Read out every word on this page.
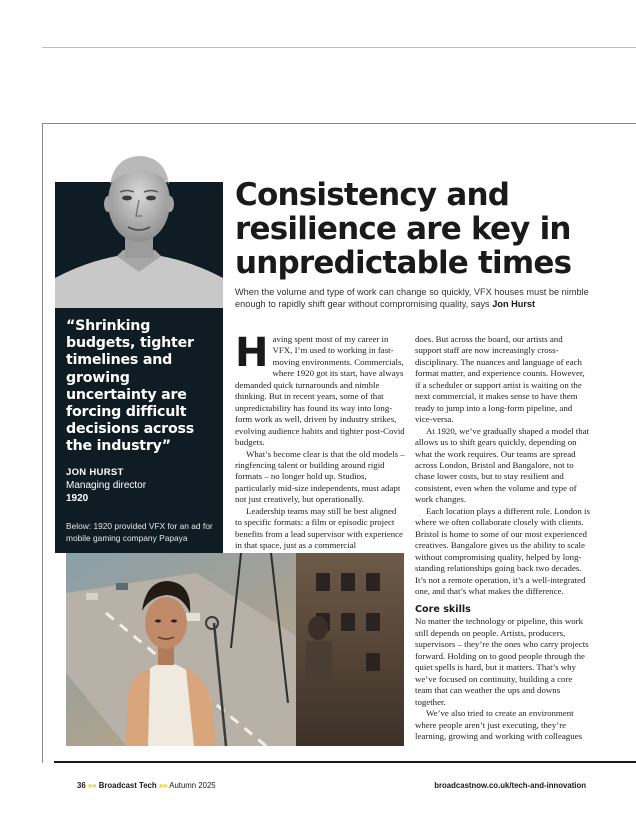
“Shrinking budgets, tighter timelines and growing uncertainty are forcing difficult decisions across the industry”
JON HURST
Managing director
1920
Below: 1920 provided VFX for an ad for mobile gaming company Papaya
Consistency and resilience are key in unpredictable times

When the volume and type of work can change so quickly, VFX houses must be nimble enough to rapidly shift gear without compromising quality, says Jon Hurst

Having spent most of my career in VFX, I’m used to working in fast-moving environments. Commercials, where 1920 got its start, have always demanded quick turnarounds and nimble thinking. But in recent years, some of that unpredictability has found its way into long-form work as well, driven by industry strikes, evolving audience habits and tighter post-Covid budgets.

What’s become clear is that the old models – ringfencing talent or building around rigid formats – no longer hold up. Studios, particularly mid-size independents, must adapt not just creatively, but operationally.

Leadership teams may still be best aligned to specific formats: a film or episodic project benefits from a lead supervisor with experience in that space, just as a commercial

does. But across the board, our artists and support staff are now increasingly cross-disciplinary. The nuances and language of each format matter, and experience counts. However, if a scheduler or support artist is waiting on the next commercial, it makes sense to have them ready to jump into a long-form pipeline, and vice-versa.

At 1920, we’ve gradually shaped a model that allows us to shift gears quickly, depending on what the work requires. Our teams are spread across London, Bristol and Bangalore, not to chase lower costs, but to stay resilient and consistent, even when the volume and type of work changes.

Each location plays a different role. London is where we often collaborate closely with clients. Bristol is home to some of our most experienced creatives. Bangalore gives us the ability to scale without compromising quality, helped by long-standing relationships going back two decades. It’s not a remote operation, it’s a well-integrated one, and that’s what makes the difference.

Core skills

No matter the technology or pipeline, this work still depends on people. Artists, producers, supervisors – they’re the ones who carry projects forward. Holding on to good people through the quiet spells is hard, but it matters. That’s why we’ve focused on continuity, building a core team that can weather the ups and downs together.

We’ve also tried to create an environment where people aren’t just executing, they’re learning, growing and working with colleagues

36 »» Broadcast Tech »» Autumn 2025	broadcastnow.co.uk/tech-and-innovation
